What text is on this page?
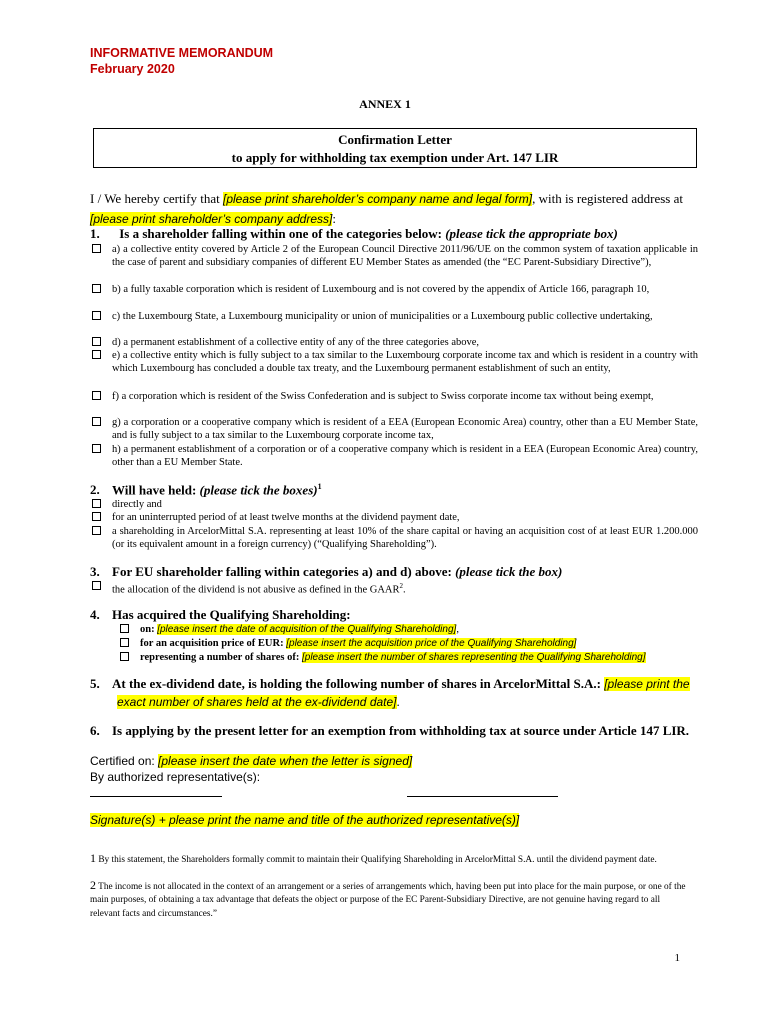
INFORMATIVE MEMORANDUM
February 2020
ANNEX 1
Confirmation Letter
to apply for withholding tax exemption under Art. 147 LIR
I / We hereby certify that [please print shareholder’s company name and legal form], with is registered address at
[please print shareholder’s company address]:
1. Is a shareholder falling within one of the categories below: (please tick the appropriate box)
a) a collective entity covered by Article 2 of the European Council Directive 2011/96/UE on the common system of taxation applicable in the case of parent and subsidiary companies of different EU Member States as amended (the “EC Parent-Subsidiary Directive”),
b) a fully taxable corporation which is resident of Luxembourg and is not covered by the appendix of Article 166, paragraph 10,
c) the Luxembourg State, a Luxembourg municipality or union of municipalities or a Luxembourg public collective undertaking,
d) a permanent establishment of a collective entity of any of the three categories above,
e) a collective entity which is fully subject to a tax similar to the Luxembourg corporate income tax and which is resident in a country with which Luxembourg has concluded a double tax treaty, and the Luxembourg permanent establishment of such an entity,
f) a corporation which is resident of the Swiss Confederation and is subject to Swiss corporate income tax without being exempt,
g) a corporation or a cooperative company which is resident of a EEA (European Economic Area) country, other than a EU Member State, and is fully subject to a tax similar to the Luxembourg corporate income tax,
h) a permanent establishment of a corporation or of a cooperative company which is resident in a EEA (European Economic Area) country, other than a EU Member State.
2. Will have held: (please tick the boxes)$^1$
directly and
for an uninterrupted period of at least twelve months at the dividend payment date,
a shareholding in ArcelorMittal S.A. representing at least 10% of the share capital or having an acquisition cost of at least EUR 1.200.000 (or its equivalent amount in a foreign currency) (“Qualifying Shareholding”).
3. For EU shareholder falling within categories a) and d) above: (please tick the box)
the allocation of the dividend is not abusive as defined in the GAAR$^2$.
4. Has acquired the Qualifying Shareholding:
on: [please insert the date of acquisition of the Qualifying Shareholding],
for an acquisition price of EUR: [please insert the acquisition price of the Qualifying Shareholding]
representing a number of shares of: [please insert the number of shares representing the Qualifying Shareholding]
5. At the ex-dividend date, is holding the following number of shares in ArcelorMittal S.A.: [please print the
exact number of shares held at the ex-dividend date].
6. Is applying by the present letter for an exemption from withholding tax at source under Article 147 LIR.
Certified on: [please insert the date when the letter is signed]
By authorized representative(s):
Signature(s) + please print the name and title of the authorized representative(s)]
1 By this statement, the Shareholders formally commit to maintain their Qualifying Shareholding in ArcelorMittal S.A. until the dividend payment date.
2 The income is not allocated in the context of an arrangement or a series of arrangements which, having been put into place for the main purpose, or one of the main purposes, of obtaining a tax advantage that defeats the object or purpose of the EC Parent-Subsidiary Directive, are not genuine having regard to all relevant facts and circumstances.”
1
